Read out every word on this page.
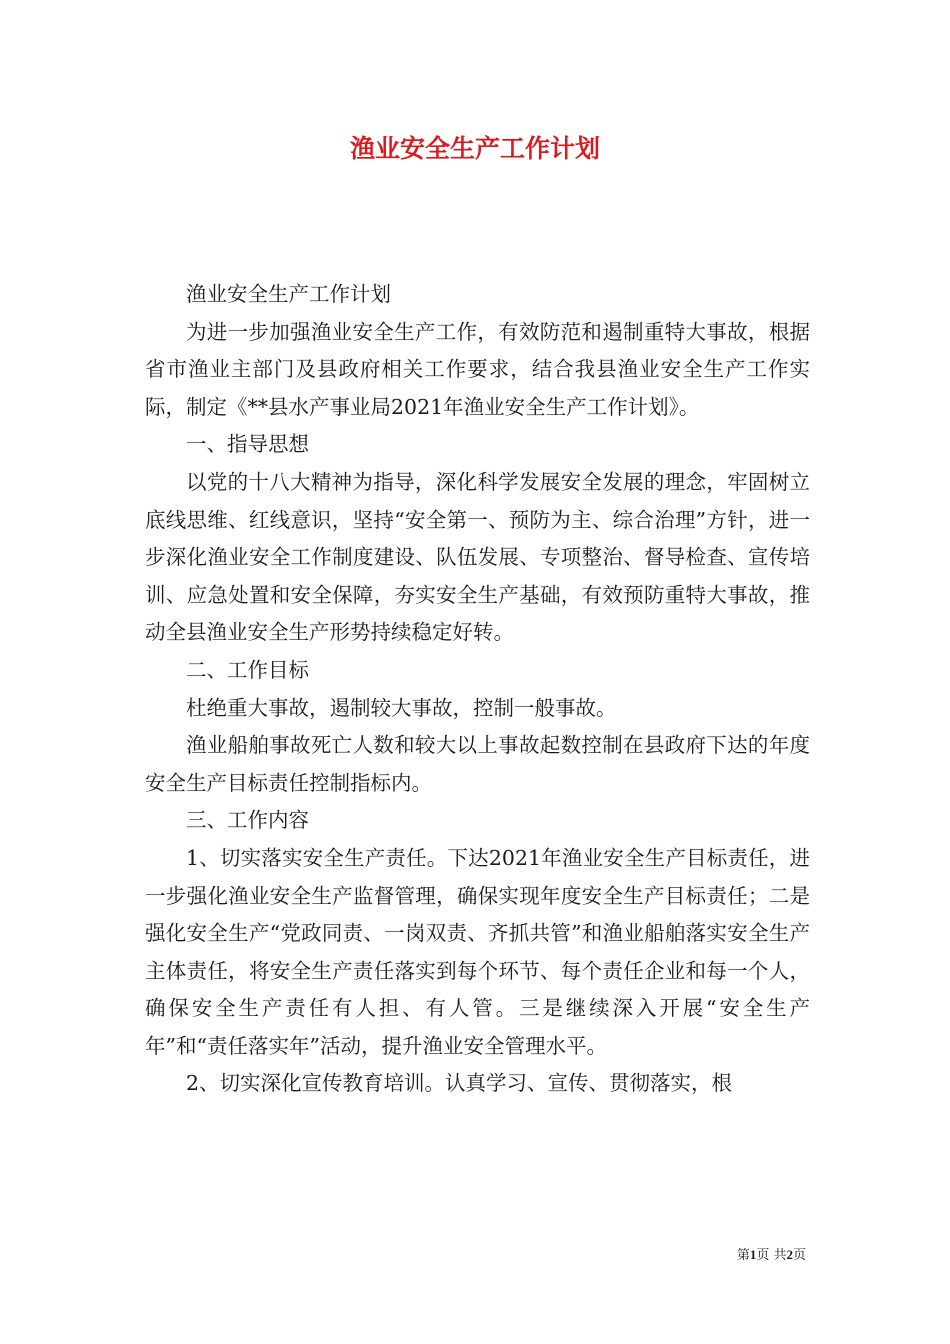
渔业安全生产工作计划

渔业安全生产工作计划

为进一步加强渔业安全生产工作，有效防范和遏制重特大事故，根据省市渔业主部门及县政府相关工作要求，结合我县渔业安全生产工作实际，制定《**县水产事业局2021年渔业安全生产工作计划》。

一、指导思想

以党的十八大精神为指导，深化科学发展安全发展的理念，牢固树立底线思维、红线意识，坚持“安全第一、预防为主、综合治理”方针，进一步深化渔业安全工作制度建设、队伍发展、专项整治、督导检查、宣传培训、应急处置和安全保障，夯实安全生产基础，有效预防重特大事故，推动全县渔业安全生产形势持续稳定好转。

二、工作目标

杜绝重大事故，遏制较大事故，控制一般事故。

渔业船舶事故死亡人数和较大以上事故起数控制在县政府下达的年度安全生产目标责任控制指标内。

三、工作内容

1、切实落实安全生产责任。下达2021年渔业安全生产目标责任，进一步强化渔业安全生产监督管理，确保实现年度安全生产目标责任；二是强化安全生产“党政同责、一岗双责、齐抓共管”和渔业船舶落实安全生产主体责任，将安全生产责任落实到每个环节、每个责任企业和每一个人，确保安全生产责任有人担、有人管。三是继续深入开展“安全生产年”和“责任落实年”活动，提升渔业安全管理水平。

2、切实深化宣传教育培训。认真学习、宣传、贯彻落实，根

第1页 共2页
